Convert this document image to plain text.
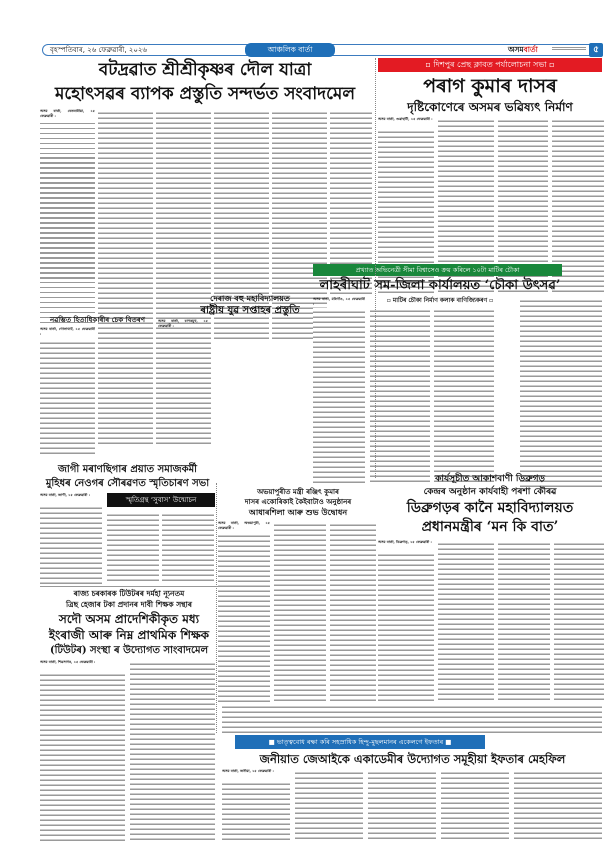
বৃহস্পতিবাৰ, ২৬ ফেব্ৰুৱাৰী, ২০২৬	আঞ্চলিক বাৰ্তা	অসমবাৰ্তা	৫
বটদ্ৰৱাত শ্ৰীশ্ৰীকৃষ্ণৰ দৌল যাত্ৰা
মহোৎসৱৰ ব্যাপক প্ৰস্তুতি সন্দৰ্ভত সংবাদমেল
▫ দিশপুৰ প্ৰেছ ক্লাবত পৰ্যালোচনা সভা ▫
পৰাগ কুমাৰ দাসৰ
দৃষ্টিকোণেৰে অসমৰ ভৱিষ্যৎ নিৰ্মাণ
অসম বাৰ্তা, বেতবাৰীয়া, ২৫ ফেব্ৰুৱাৰী :
অসম বাৰ্তা, গুৱাহাটী, ২৫ ফেব্ৰুৱাৰী :
নৱম্ভিত হিতাধিকাৰীৰ চেক বিতৰণ
অসম বাৰ্তা, গোলাঘাট, ২৫ ফেব্ৰুৱাৰী :
প্ৰখ্যাত অভিনেত্ৰী সীমা বিশ্বাসেও ক্ৰয় কৰিলে ১০টা মাটিৰ চৌকা
লাহৰীঘাট সম-জিলা কাৰ্যালয়ত ‘চৌকা উৎসৱ’
অসম বাৰ্তা, মৰিগাঁও, ২৫ ফেব্ৰুৱাৰী :	▫ মাটিৰ চৌকা নিৰ্মাণ কলাক বাণিজ্যিকৰণ ▫
দেৰাজ বহু মহাবিদ্যালয়ত
ৰাষ্ট্ৰীয় যুৱ সপ্তাহৰ প্ৰস্তুতি
অসম বাৰ্তা, চাপৰমুখ, ২৫ ফেব্ৰুৱাৰী :
জাগী মৰাণছিগাৰ প্ৰয়াত সমাজকৰ্মী
মুহিধৰ নেওগৰ সৌৰৱণত স্মৃতিচাৰণ সভা
স্মৃতিগ্ৰন্থ ‘সুবাস’ উন্মোচন
অসম বাৰ্তা, জাগী, ২৫ ফেব্ৰুৱাৰী :	অভয়াপুৰীত মন্ত্ৰী ৰঞ্জিৎ কুমাৰ
দাসৰ একোৰিকাই কৈইবাটাও অনুষ্ঠানৰ
আধাৰশিলা আৰু শুভ উদ্বোধন
অসম বাৰ্তা, অভয়াপুৰী, ২৫ ফেব্ৰুৱাৰী :
কাৰ্যসূচীত আকাশবাণী ডিব্ৰুগড়
কেন্দ্ৰৰ অনুষ্ঠান কাৰ্যবাহী পৰশা কৌৰৱ
ডিব্ৰুগড়ৰ কানৈ মহাবিদ্যালয়ত
প্ৰধানমন্ত্ৰীৰ ‘মন কি বাত’
অসম বাৰ্তা, ডিব্ৰুগড়, ২৫ ফেব্ৰুৱাৰী :
ৰাজ্য চৰকাৰক টিউটৰৰ দৰ্মহা ন্যূনতম
ত্ৰিছ হেজাৰ টকা প্ৰদানৰ দাবী শিক্ষক সন্থাৰ
সদৌ অসম প্ৰাদেশিকীকৃত মধ্য
ইংৰাজী আৰু নিম্ন প্ৰাথমিক শিক্ষক
(টিউটৰ) সংস্থা ৰ উদ্যোগত সাংবাদমেল
অসম বাৰ্তা, শিৱসাগৰ, ২৫ ফেব্ৰুৱাৰী :
■ ভাতৃত্ববোধ ৰক্ষা কৰি সহস্ৰাধিক হিন্দু-মুছলমানৰ একেলগে ইফতাৰ ■
জনীয়াত জেআইকে একাডেমীৰ উদ্যোগত সমূহীয়া ইফতাৰ মেহফিল
অসম বাৰ্তা, জনীয়া, ২৫ ফেব্ৰুৱাৰী :
